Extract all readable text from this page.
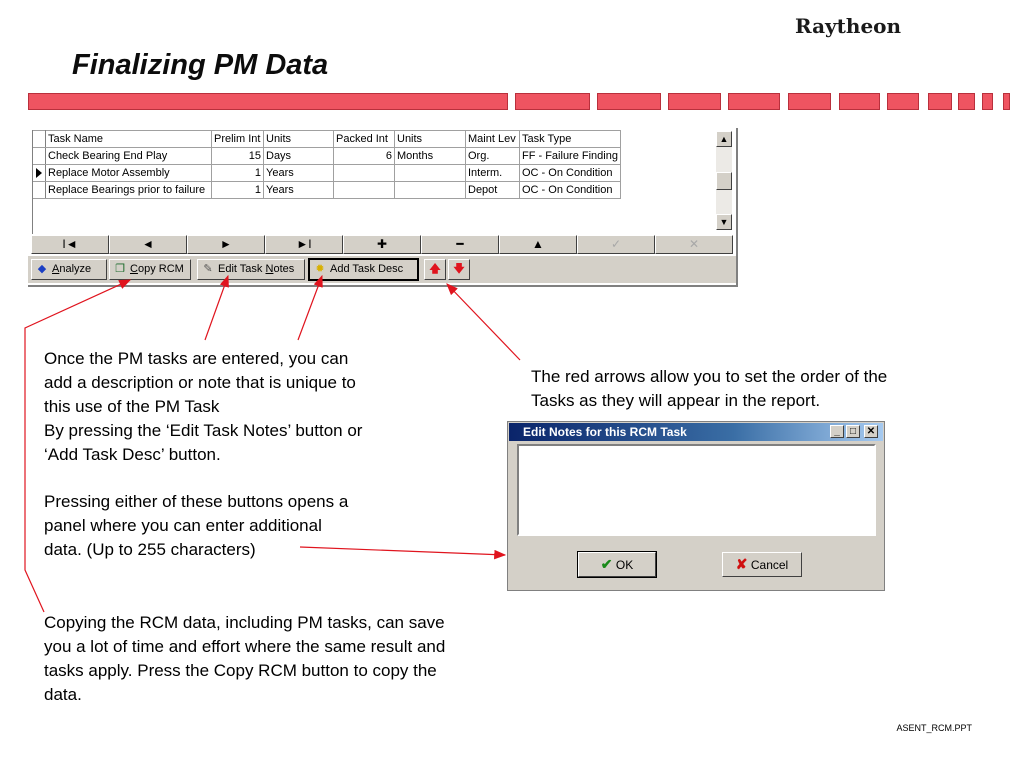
Raytheon
Finalizing PM Data
	Task Name	Prelim Int	Units	Packed Int	Units	Maint Lev	Task Type
	Check Bearing End Play	15	Days	6	Months	Org.	FF - Failure Finding
	Replace Motor Assembly	1	Years			Interm.	OC - On Condition
	Replace Bearings prior to failure	1	Years			Depot	OC - On Condition
▲
▼
I◄	◄	►	►I	✚	━	▲	✓	✕
◆ Analyze	❐ Copy RCM	✎ Edit Task Notes	✹ Add Task Desc	🡅	🡇
Once the PM tasks are entered, you can
add a description or note that is unique to
this use of the PM Task
By pressing the ‘Edit Task Notes’ button or
‘Add Task Desc’ button.
Pressing either of these buttons opens a
panel where you can enter additional
data. (Up to 255 characters)
Copying the RCM data, including PM tasks, can save
you a lot of time and effort where the same result and
tasks apply. Press the Copy RCM button to copy the
data.
The red arrows allow you to set the order of the
Tasks as they will appear in the report.
Edit Notes for this RCM Task	_	□	✕
✔ OK	✘ Cancel
ASENT_RCM.PPT
